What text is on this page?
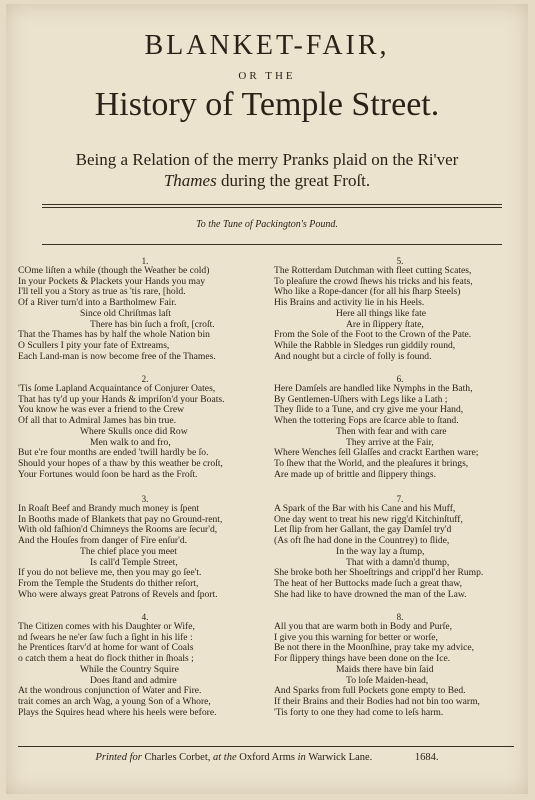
BLANKET-FAIR,
OR THE
History of Temple Street.
Being a Relation of the merry Pranks plaid on the Ri'ver
Thames during the great Froſt.
To the Tune of Packington's Pound.
1.
COme liſten a while (though the Weather be cold)
In your Pockets & Plackets your Hands you may
I'll tell you a Story as true as 'tis rare, [hold.
Of a River turn'd into a Bartholmew Fair.
Since old Chriſtmas laſt
There has bin ſuch a froſt, [croſt.
That the Thames has by half the whole Nation bin
O Scullers I pity your fate of Extreams,
Each Land-man is now become free of the Thames.
2.
'Tis ſome Lapland Acquaintance of Conjurer Oates,
That has ty'd up your Hands & impriſon'd your Boats.
You know he was ever a friend to the Crew
Of all that to Admiral James has bin true.
Where Skulls once did Row
Men walk to and fro,
But e're four months are ended 'twill hardly be ſo.
Should your hopes of a thaw by this weather be croſt,
Your Fortunes would ſoon be hard as the Froſt.
3.
In Roaſt Beef and Brandy much money is ſpent
In Booths made of Blankets that pay no Ground-rent,
With old faſhion'd Chimneys the Rooms are ſecur'd,
And the Houſes from danger of Fire enſur'd.
The chief place you meet
Is call'd Temple Street,
If you do not believe me, then you may go ſee't.
From the Temple the Students do thither reſort,
Who were always great Patrons of Revels and ſport.
4.
The Citizen comes with his Daughter or Wife,
nd ſwears he ne'er ſaw ſuch a ſight in his life :
he Prentices ſtarv'd at home for want of Coals
o catch them a heat do flock thither in ſhoals ;
While the Country Squire
Does ſtand and admire
At the wondrous conjunction of Water and Fire.
trait comes an arch Wag, a young Son of a Whore,
Plays the Squires head where his heels were before.
5.
The Rotterdam Dutchman with fleet cutting Scates,
To pleaſure the crowd ſhews his tricks and his feats,
Who like a Rope-dancer (for all his ſharp Steels)
His Brains and activity lie in his Heels.
Here all things like fate
Are in ſlippery ſtate,
From the Sole of the Foot to the Crown of the Pate.
While the Rabble in Sledges run giddily round,
And nought but a circle of folly is found.
6.
Here Damſels are handled like Nymphs in the Bath,
By Gentlemen-Uſhers with Legs like a Lath ;
They ſlide to a Tune, and cry give me your Hand,
When the tottering Fops are ſcarce able to ſtand.
Then with fear and with care
They arrive at the Fair,
Where Wenches ſell Glaſſes and crackt Earthen ware;
To ſhew that the World, and the pleaſures it brings,
Are made up of brittle and ſlippery things.
7.
A Spark of the Bar with his Cane and his Muff,
One day went to treat his new rigg'd Kitchinſtuff,
Let ſlip from her Gallant, the gay Damſel try'd
(As oft ſhe had done in the Countrey) to ſlide,
In the way lay a ſtump,
That with a damn'd thump,
She broke both her Shoeſtrings and crippl'd her Rump.
The heat of her Buttocks made ſuch a great thaw,
She had like to have drowned the man of the Law.
8.
All you that are warm both in Body and Purſe,
I give you this warning for better or worſe,
Be not there in the Moonſhine, pray take my advice,
For ſlippery things have been done on the Ice.
Maids there have bin ſaid
To loſe Maiden-head,
And Sparks from full Pockets gone empty to Bed.
If their Brains and their Bodies had not bin too warm,
'Tis forty to one they had come to leſs harm.
Printed for Charles Corbet, at the Oxford Arms in Warwick Lane.	1684.
